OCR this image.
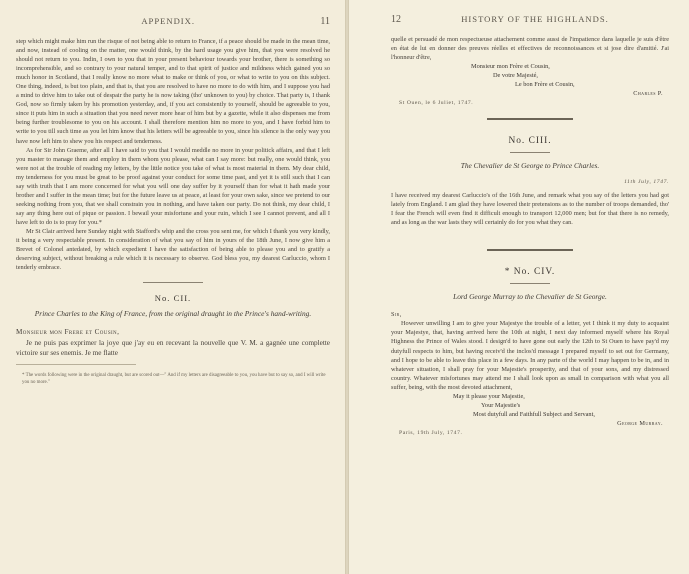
APPENDIX.	11

step which might make him run the risque of not being able to return to France, if a peace should be made in the mean time, and now, instead of cooling on the matter, one would think, by the hard usage you give him, that you were resolved he should not return to you. Indin, I own to you that in your present behaviour towards your brother, there is something so incomprehensible, and so contrary to your natural temper, and to that spirit of justice and mildness which gained you so much honor in Scotland, that I really know no more what to make or think of you, or what to write to you on this subject. One thing, indeed, is but too plain, and that is, that you are resolved to have no more to do with him, and I suppose you had a mind to drive him to take out of despair the party he is now taking (tho' unknown to you) by choice. That party is, I thank God, now so firmly taken by his promotion yesterday, and, if you act consistently to yourself, should be agreeable to you, since it puts him in such a situation that you need never more hear of him but by a gazette, while it also dispenses me from being further troublesome to you on his account. I shall therefore mention him no more to you, and I have forbid him to write to you till such time as you let him know that his letters will be agreeable to you, since his silence is the only way you have now left him to shew you his respect and tenderness.

As for Sir John Graeme, after all I have said to you that I would meddle no more in your politick affairs, and that I left you master to manage them and employ in them whom you please, what can I say more: but really, one would think, you were not at the trouble of reading my letters, by the little notice you take of what is most material in them. My dear child, my tenderness for you must be great to be proof against your conduct for some time past, and yet it is still such that I can say with truth that I am more concerned for what you will one day suffer by it yourself than for what it hath made your brother and I suffer in the mean time; but for the future leave us at peace, at least for your own sake, since we pretend to our seeking nothing from you, that we shall constrain you in nothing, and have taken our party. Do not think, my dear child, I say any thing here out of pique or passion. I bewail your misfortune and your ruin, which I see I cannot prevent, and all I have left to do is to pray for you.*

Mr St Clair arrived here Sunday night with Stafford's whip and the cross you sent me, for which I thank you very kindly, it being a very respectable present. In consideration of what you say of him in yours of the 18th June, I now give him a Brevet of Colonel antedated, by which expedient I have the satisfaction of being able to please you and to gratify a deserving subject, without breaking a rule which it is necessary to observe. God bless you, my dearest Carluccio, whom I tenderly embrace.

No. CII.
Prince Charles to the King of France, from the original draught in the Prince's hand-writing.

Monsieur mon Frere et Cousin,

Je ne puis pas exprimer la joye que j'ay eu en recevant la nouvelle que V. M. a gagnée une complette victoire sur ses enemis. Je me flatte

* The words following were in the original draught, but are scored out—" And if my letters are disagreeable to you, you have but to say so, and I will write you no more."
12	HISTORY OF THE HIGHLANDS.

quelle et persuadé de mon respectueuse attachement comme aussi de l'impatience dans laquelle je suis d'être en état de lui en donner des preuves réelles et effectives de reconnoissances et si jose dire d'amitié. J'ai l'honneur d'être,

Monsieur mon Frère et Cousin,
De votre Majesté,
Le bon Frère et Cousin,
Charles P.
St Ouen, le 6 Juliet, 1747.
No. CIII.
The Chevalier de St George to Prince Charles.
11th July, 1747.

I have received my dearest Carluccio's of the 16th June, and remark what you say of the letters you had got lately from England. I am glad they have lowered their pretensions as to the number of troops demanded, tho' I fear the French will even find it difficult enough to transport 12,000 men; but for that there is no remedy, and as long as the war lasts they will certainly do for you what they can.

* No. CIV.
Lord George Murray to the Chevalier de St George.

Sir,

However unwilling I am to give your Majestye the trouble of a letter, yet I think it my duty to acquaint your Majestye, that, having arrived here the 10th at night, I next day informed myself where his Royal Highness the Prince of Wales stood. I design'd to have gone out early the 12th to St Ouen to have pay'd my dutyfull respects to him, but having receiv'd the inclos'd message I prepared myself to set out for Germany, and I hope to be able to leave this place in a few days. In any parte of the world I may happen to be in, and in whatever situation, I shall pray for your Majestie's prosperity, and that of your sons, and my distressed country. Whatever misfortunes may attend me I shall look upon as small in comparison with what you all suffer, being, with the most devoted attachment,

May it please your Majestie,
Your Majestie's
Most dutyfull and Faithfull Subject and Servant,
George Murray.
Paris, 19th July, 1747.
